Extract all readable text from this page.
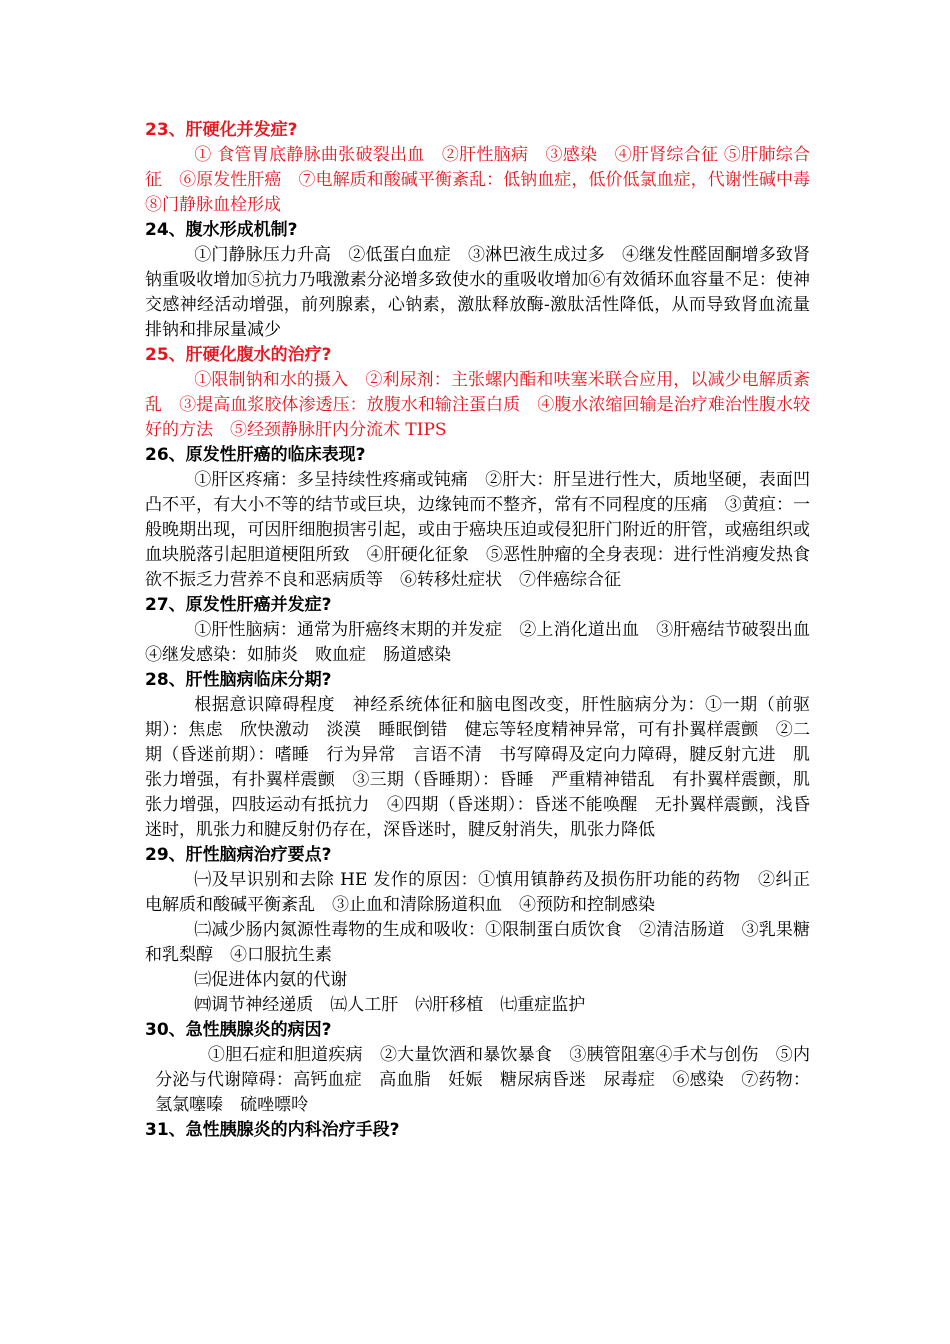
23、肝硬化并发症?

① 食管胃底静脉曲张破裂出血　②肝性脑病　③感染　④肝肾综合征 ⑤肝肺综合征　⑥原发性肝癌　⑦电解质和酸碱平衡紊乱：低钠血症，低价低氯血症，代谢性碱中毒⑧门静脉血栓形成

24、腹水形成机制?

①门静脉压力升高　②低蛋白血症　③淋巴液生成过多　④继发性醛固酮增多致肾钠重吸收增加⑤抗力乃哦激素分泌增多致使水的重吸收增加⑥有效循环血容量不足：使神交感神经活动增强，前列腺素，心钠素，激肽释放酶-激肽活性降低，从而导致肾血流量排钠和排尿量减少

25、肝硬化腹水的治疗?

①限制钠和水的摄入　②利尿剂：主张螺内酯和呋塞米联合应用，以减少电解质紊乱　③提高血浆胶体渗透压：放腹水和输注蛋白质　④腹水浓缩回输是治疗难治性腹水较好的方法　⑤经颈静脉肝内分流术 TIPS

26、原发性肝癌的临床表现?

①肝区疼痛：多呈持续性疼痛或钝痛　②肝大：肝呈进行性大，质地坚硬，表面凹凸不平，有大小不等的结节或巨块，边缘钝而不整齐，常有不同程度的压痛　③黄疸：一般晚期出现，可因肝细胞损害引起，或由于癌块压迫或侵犯肝门附近的肝管，或癌组织或血块脱落引起胆道梗阻所致　④肝硬化征象　⑤恶性肿瘤的全身表现：进行性消瘦发热食欲不振乏力营养不良和恶病质等　⑥转移灶症状　⑦伴癌综合征

27、原发性肝癌并发症?

①肝性脑病：通常为肝癌终末期的并发症　②上消化道出血　③肝癌结节破裂出血　④继发感染：如肺炎　败血症　肠道感染

28、肝性脑病临床分期?

根据意识障碍程度　神经系统体征和脑电图改变，肝性脑病分为：①一期（前驱期）：焦虑　欣快激动　淡漠　睡眠倒错　健忘等轻度精神异常，可有扑翼样震颤　②二期（昏迷前期）：嗜睡　行为异常　言语不清　书写障碍及定向力障碍，腱反射亢进　肌张力增强，有扑翼样震颤　③三期（昏睡期）：昏睡　严重精神错乱　有扑翼样震颤，肌张力增强，四肢运动有抵抗力　④四期（昏迷期）：昏迷不能唤醒　无扑翼样震颤，浅昏迷时，肌张力和腱反射仍存在，深昏迷时，腱反射消失，肌张力降低

29、肝性脑病治疗要点?

㈠及早识别和去除 HE 发作的原因：①慎用镇静药及损伤肝功能的药物　②纠正电解质和酸碱平衡紊乱　③止血和清除肠道积血　④预防和控制感染

㈡减少肠内氮源性毒物的生成和吸收：①限制蛋白质饮食　②清洁肠道　③乳果糖和乳梨醇　④口服抗生素

㈢促进体内氨的代谢

㈣调节神经递质　㈤人工肝　㈥肝移植　㈦重症监护

30、急性胰腺炎的病因?

①胆石症和胆道疾病　②大量饮酒和暴饮暴食　③胰管阻塞④手术与创伤　⑤内分泌与代谢障碍：高钙血症　高血脂　妊娠　糖尿病昏迷　尿毒症　⑥感染　⑦药物：氢氯噻嗪　硫唑嘌呤

31、急性胰腺炎的内科治疗手段?
